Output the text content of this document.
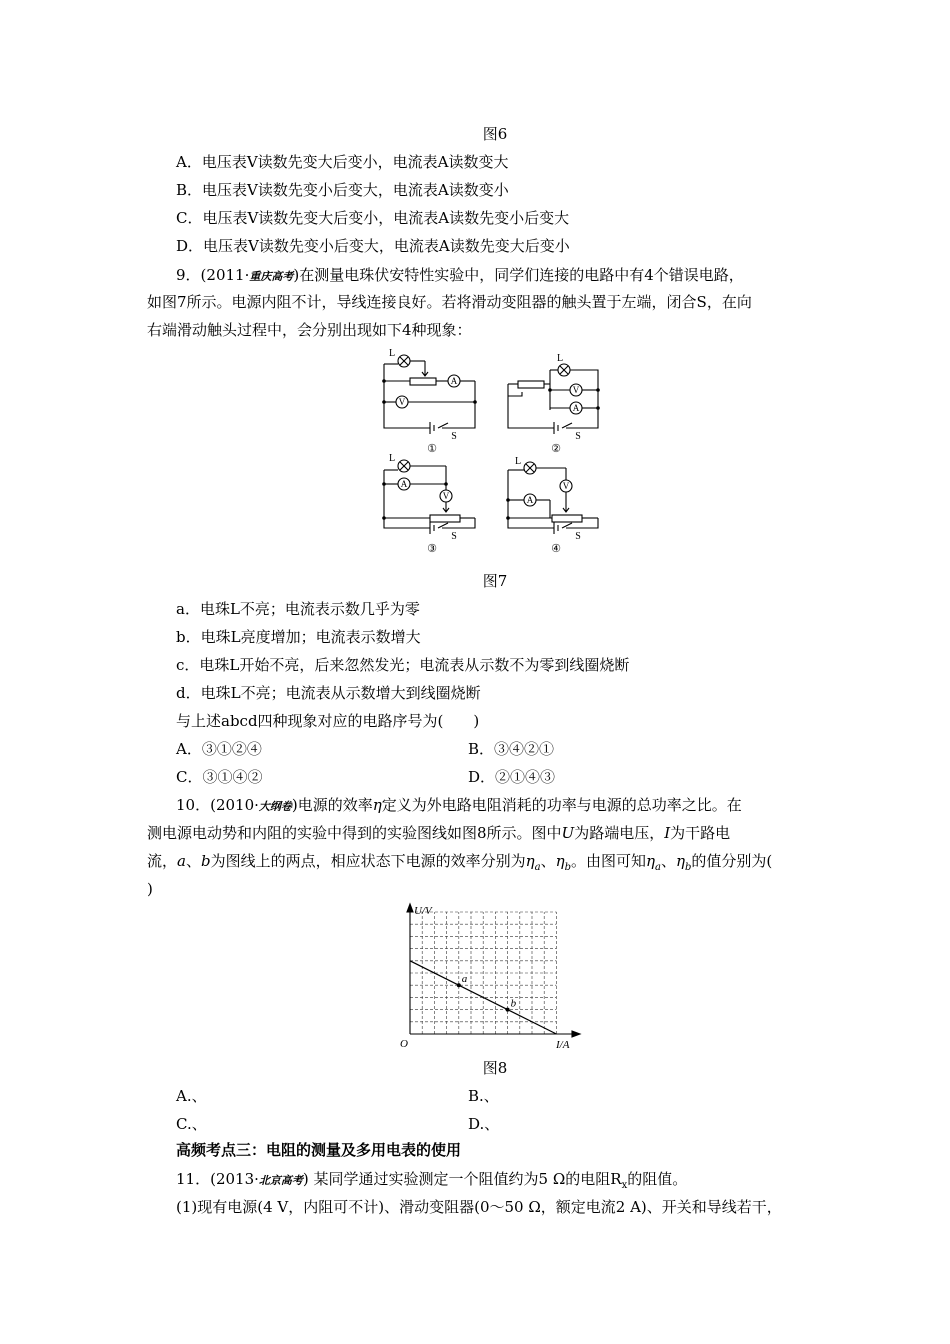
图6
A．电压表V读数先变大后变小，电流表A读数变大
B．电压表V读数先变小后变大，电流表A读数变小
C．电压表V读数先变大后变小，电流表A读数先变小后变大
D．电压表V读数先变小后变大，电流表A读数先变大后变小
9．(2011·重庆高考)在测量电珠伏安特性实验中，同学们连接的电路中有4个错误电路，
如图7所示。电源内阻不计，导线连接良好。若将滑动变阻器的触头置于左端，闭合S，在向
右端滑动触头过程中，会分别出现如下4种现象：
A
V
L
S
①
V
A
L
S
②
A
V
L
S
③
A
V
L
S
④
图7
a．电珠L不亮；电流表示数几乎为零
b．电珠L亮度增加；电流表示数增大
c．电珠L开始不亮，后来忽然发光；电流表从示数不为零到线圈烧断
d．电珠L不亮；电流表从示数增大到线圈烧断
与上述abcd四种现象对应的电路序号为(　　)
A．③①②④	B．③④②①
C．③①④②	D．②①④③
10．(2010·大纲卷)电源的效率η定义为外电路电阻消耗的功率与电源的总功率之比。在
测电源电动势和内阻的实验中得到的实验图线如图8所示。图中U为路端电压，I为干路电
流，a、b为图线上的两点，相应状态下电源的效率分别为$\eta_a$、$\eta_b$。由图可知$\eta_a$、$\eta_b$的值分别为(
)
a
b
U/V
I/A
O
图8
A.、	B.、
C.、	D.、
高频考点三：电阻的测量及多用电表的使用
11．(2013·北京高考) 某同学通过实验测定一个阻值约为5 Ω的电阻$R_x$的阻值。
(1)现有电源(4 V，内阻可不计)、滑动变阻器(0～50 Ω，额定电流2 A)、开关和导线若干，
